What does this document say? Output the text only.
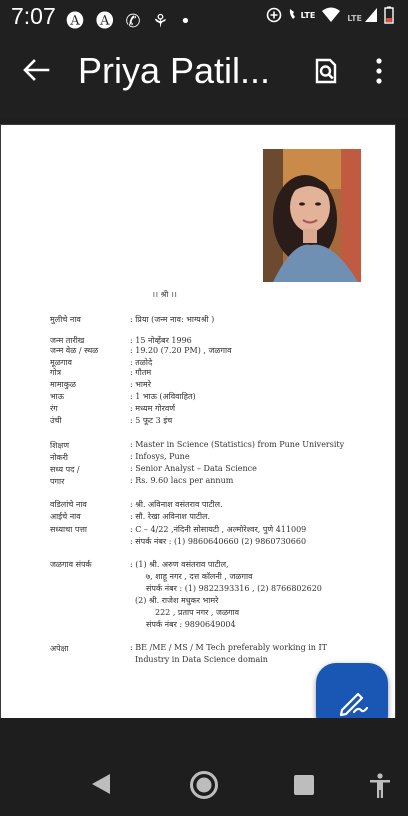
7:07 🅐 🅐 ✆ ⚘ •	LTE	LTE
Priya Patil...
।। श्री ।।
मुलीचे नाव	: प्रिया (जन्म नाव: भाग्यश्री )
जन्म तारीख	: 15 नोव्हेंबर 1996
जन्म वेळ / स्थळ	: 19.20 (7.20 PM) , जळगाव
मूळगाव	: तळोदे
गोत्र	: गौतम
मामाकुळ	: भामरे
भाऊ	: 1 भाऊ (अविवाहित)
रंग	: मध्यम गोरवर्ण
उंची	: 5 फूट 3 इंच
शिक्षण	: Master in Science (Statistics) from Pune University
नोकरी	: Infosys, Pune
सध्य पद /	: Senior Analyst – Data Science
पगार	: Rs. 9.60 lacs per annum
वडिलांचे नाव	: श्री. अविनाश वसंतराव पाटील.
आईचे नाव	: सौ. रेखा अविनाश पाटील.
सध्याचा पत्ता	: C – 4/22 ,नंदिनी सोसायटी , अल्मोरेश्वर, पुणे 411009
: संपर्क नंबर : (1) 9860640660 (2) 9860730660
जळगाव संपर्क	: (1) श्री. अरुण वसंतराव पाटील,
७, शाहू नगर , दत्त कॉलनी , जळगाव
संपर्क नंबर : (1) 9822393316 , (2) 8766802620
(2) श्री. राजेश मधुकर भामरे
222 , प्रताप नगर , जळगाव
संपर्क नंबर : 9890649004
अपेक्षा	: BE /ME / MS / M Tech preferably working in IT
Industry in Data Science domain
